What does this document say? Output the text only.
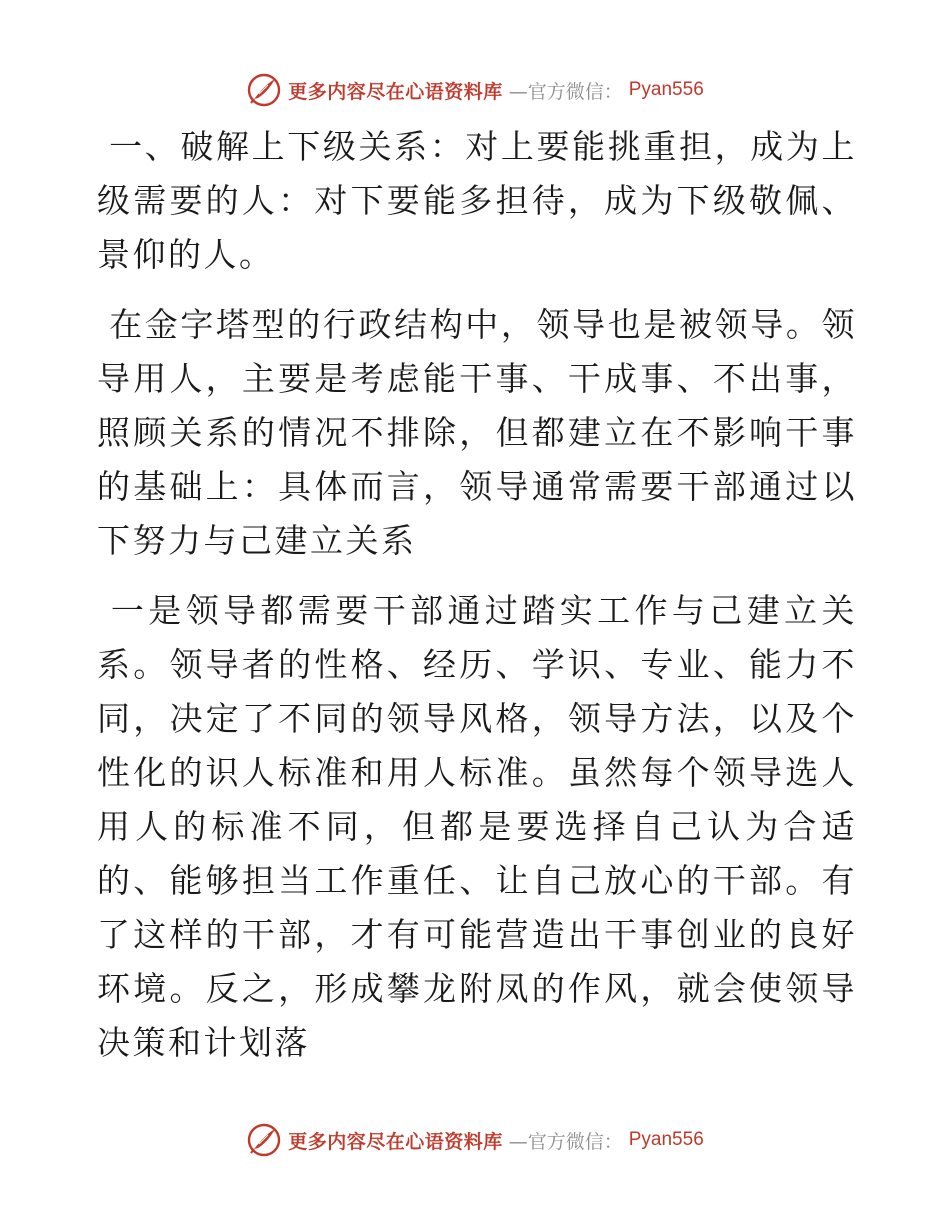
更多内容尽在心语资料库 —官方微信： Pyan556

一、破解上下级关系：对上要能挑重担，成为上级需要的人：对下要能多担待，成为下级敬佩、景仰的人。

在金字塔型的行政结构中，领导也是被领导。领导用人，主要是考虑能干事、干成事、不出事，照顾关系的情况不排除，但都建立在不影响干事的基础上：具体而言，领导通常需要干部通过以下努力与己建立关系

一是领导都需要干部通过踏实工作与己建立关系。领导者的性格、经历、学识、专业、能力不同，决定了不同的领导风格，领导方法，以及个性化的识人标准和用人标准。虽然每个领导选人用人的标准不同，但都是要选择自己认为合适的、能够担当工作重任、让自己放心的干部。有了这样的干部，才有可能营造出干事创业的良好环境。反之，形成攀龙附凤的作风，就会使领导决策和计划落

更多内容尽在心语资料库 —官方微信： Pyan556
